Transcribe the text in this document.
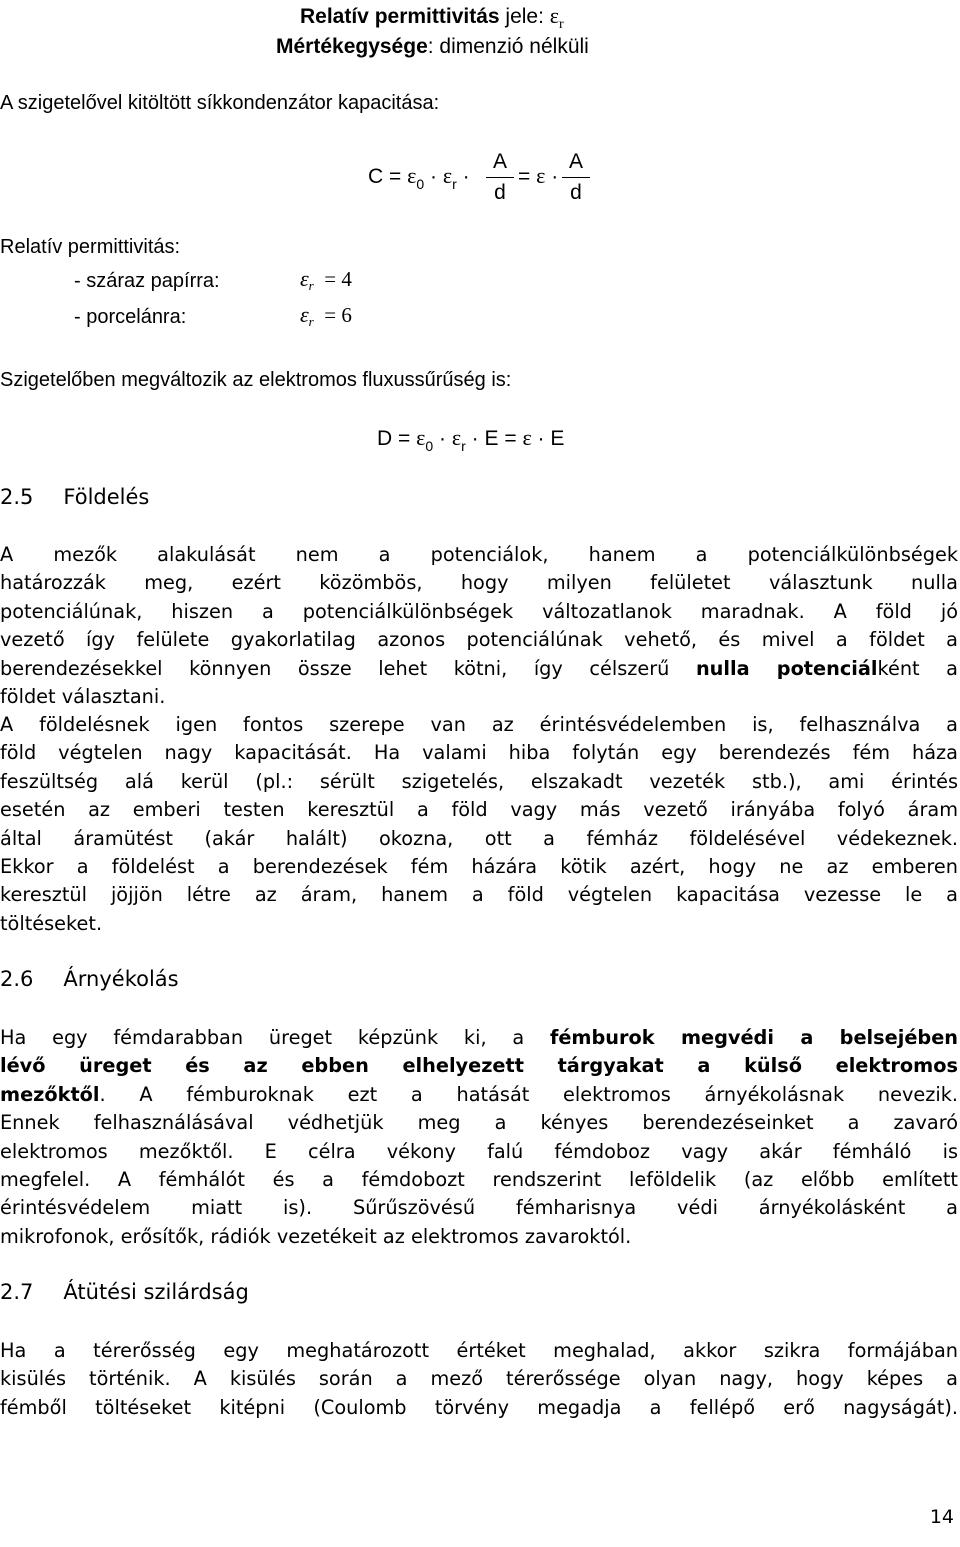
Relatív permittivitás jele: $\varepsilon_r$
Mértékegysége: dimenzió nélküli
A szigetelővel kitöltött síkkondenzátor kapacitása:
$C = \varepsilon_0 \cdot \varepsilon_r$ ·
A
d
= ε ·
A
d
Relatív permittivitás:
- száraz papírra:	$\varepsilon_r = 4$
- porcelánra:	$\varepsilon_r = 6$
Szigetelőben megváltozik az elektromos fluxussűrűség is:
$D = \varepsilon_0 \cdot \varepsilon_r \cdot E = \varepsilon \cdot E$
2.5 Földelés
A mezők alakulását nem a potenciálok, hanem a potenciálkülönbségek
határozzák meg, ezért közömbös, hogy milyen felületet választunk nulla
potenciálúnak, hiszen a potenciálkülönbségek változatlanok maradnak. A föld jó
vezető így felülete gyakorlatilag azonos potenciálúnak vehető, és mivel a földet a
berendezésekkel könnyen össze lehet kötni, így célszerű nulla potenciálként a
földet választani.
A földelésnek igen fontos szerepe van az érintésvédelemben is, felhasználva a
föld végtelen nagy kapacitását. Ha valami hiba folytán egy berendezés fém háza
feszültség alá kerül (pl.: sérült szigetelés, elszakadt vezeték stb.), ami érintés
esetén az emberi testen keresztül a föld vagy más vezető irányába folyó áram
által áramütést (akár halált) okozna, ott a fémház földelésével védekeznek.
Ekkor a földelést a berendezések fém házára kötik azért, hogy ne az emberen
keresztül jöjjön létre az áram, hanem a föld végtelen kapacitása vezesse le a
töltéseket.
2.6 Árnyékolás
Ha egy fémdarabban üreget képzünk ki, a fémburok megvédi a belsejében
lévő üreget és az ebben elhelyezett tárgyakat a külső elektromos
mezőktől. A fémburoknak ezt a hatását elektromos árnyékolásnak nevezik.
Ennek felhasználásával védhetjük meg a kényes berendezéseinket a zavaró
elektromos mezőktől. E célra vékony falú fémdoboz vagy akár fémháló is
megfelel. A fémhálót és a fémdobozt rendszerint leföldelik (az előbb említett
érintésvédelem miatt is). Sűrűszövésű fémharisnya védi árnyékolásként a
mikrofonok, erősítők, rádiók vezetékeit az elektromos zavaroktól.
2.7 Átütési szilárdság
Ha a térerősség egy meghatározott értéket meghalad, akkor szikra formájában
kisülés történik. A kisülés során a mező térerőssége olyan nagy, hogy képes a
fémből töltéseket kitépni (Coulomb törvény megadja a fellépő erő nagyságát).
14
